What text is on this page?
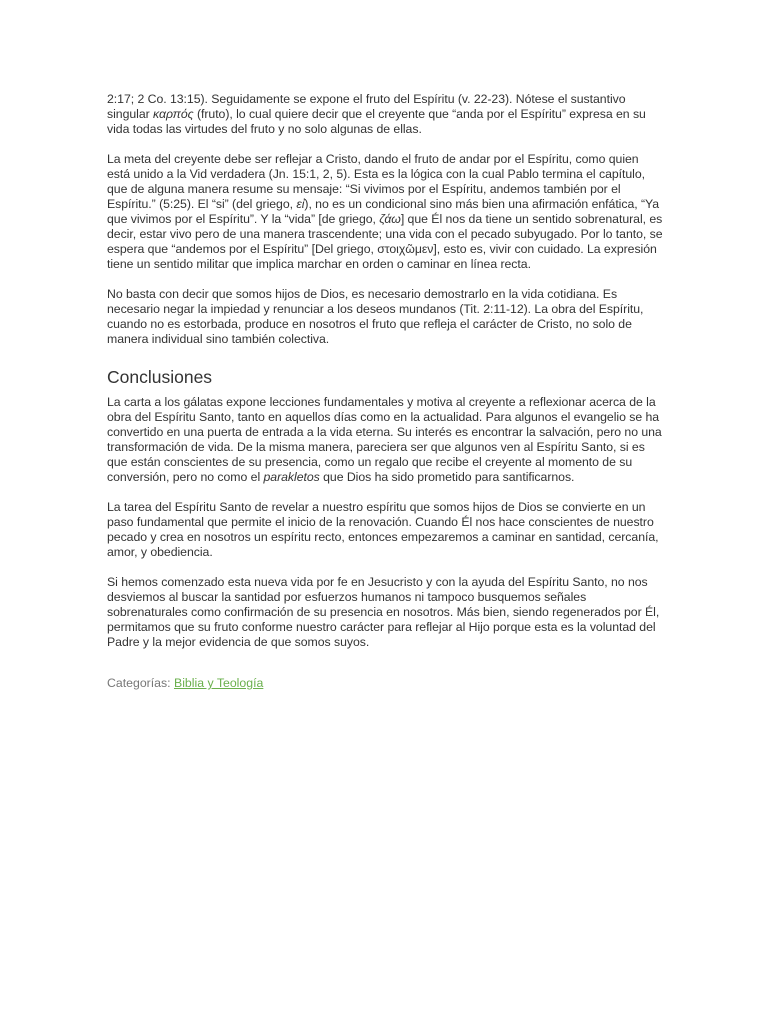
2:17; 2 Co. 13:15). Seguidamente se expone el fruto del Espíritu (v. 22-23). Nótese el sustantivo singular καρπός (fruto), lo cual quiere decir que el creyente que “anda por el Espíritu” expresa en su vida todas las virtudes del fruto y no solo algunas de ellas.

La meta del creyente debe ser reflejar a Cristo, dando el fruto de andar por el Espíritu, como quien está unido a la Vid verdadera (Jn. 15:1, 2, 5). Esta es la lógica con la cual Pablo termina el capítulo, que de alguna manera resume su mensaje: “Si vivimos por el Espíritu, andemos también por el Espíritu.” (5:25). El “si” (del griego, εἰ), no es un condicional sino más bien una afirmación enfática, “Ya que vivimos por el Espíritu”. Y la “vida” [de griego, ζάω] que Él nos da tiene un sentido sobrenatural, es decir, estar vivo pero de una manera trascendente; una vida con el pecado subyugado. Por lo tanto, se espera que “andemos por el Espíritu” [Del griego, στοιχῶμεν], esto es, vivir con cuidado. La expresión tiene un sentido militar que implica marchar en orden o caminar en línea recta.

No basta con decir que somos hijos de Dios, es necesario demostrarlo en la vida cotidiana. Es necesario negar la impiedad y renunciar a los deseos mundanos (Tit. 2:11-12). La obra del Espíritu, cuando no es estorbada, produce en nosotros el fruto que refleja el carácter de Cristo, no solo de manera individual sino también colectiva.

Conclusiones

La carta a los gálatas expone lecciones fundamentales y motiva al creyente a reflexionar acerca de la obra del Espíritu Santo, tanto en aquellos días como en la actualidad. Para algunos el evangelio se ha convertido en una puerta de entrada a la vida eterna. Su interés es encontrar la salvación, pero no una transformación de vida. De la misma manera, pareciera ser que algunos ven al Espíritu Santo, si es que están conscientes de su presencia, como un regalo que recibe el creyente al momento de su conversión, pero no como el parakletos que Dios ha sido prometido para santificarnos.

La tarea del Espíritu Santo de revelar a nuestro espíritu que somos hijos de Dios se convierte en un paso fundamental que permite el inicio de la renovación. Cuando Él nos hace conscientes de nuestro pecado y crea en nosotros un espíritu recto, entonces empezaremos a caminar en santidad, cercanía, amor, y obediencia.

Si hemos comenzado esta nueva vida por fe en Jesucristo y con la ayuda del Espíritu Santo, no nos desviemos al buscar la santidad por esfuerzos humanos ni tampoco busquemos señales sobrenaturales como confirmación de su presencia en nosotros. Más bien, siendo regenerados por Él, permitamos que su fruto conforme nuestro carácter para reflejar al Hijo porque esta es la voluntad del Padre y la mejor evidencia de que somos suyos.

Categorías: Biblia y Teología
